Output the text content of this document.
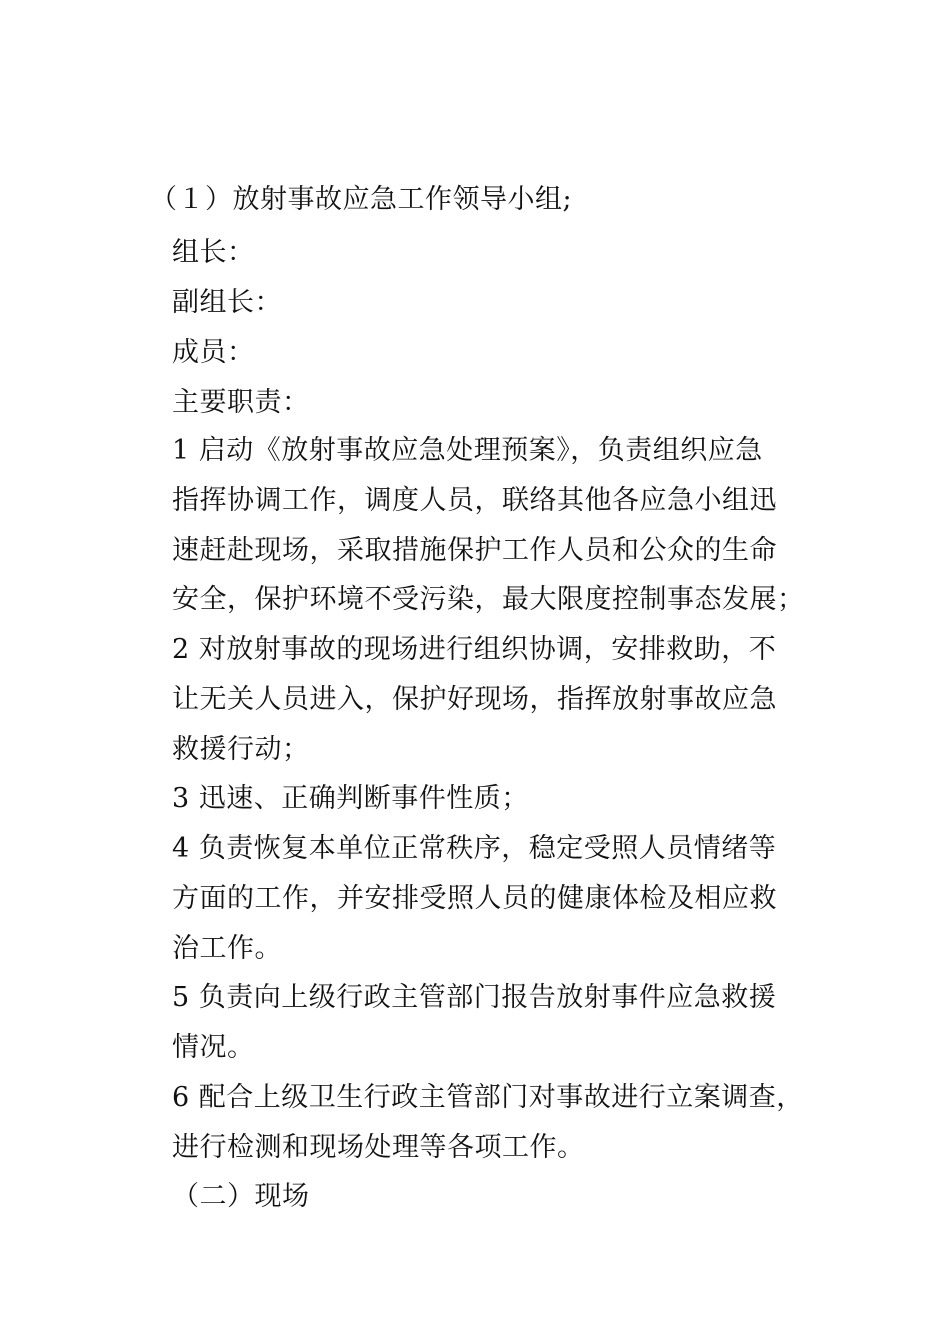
（１）放射事故应急工作领导小组;
组长：
副组长：
成员：
主要职责：
1 启动《放射事故应急处理预案》，负责组织应急
指挥协调工作，调度人员，联络其他各应急小组迅
速赶赴现场，采取措施保护工作人员和公众的生命
安全，保护环境不受污染，最大限度控制事态发展；
2 对放射事故的现场进行组织协调，安排救助，不
让无关人员进入，保护好现场，指挥放射事故应急
救援行动；
3 迅速、正确判断事件性质；
4 负责恢复本单位正常秩序，稳定受照人员情绪等
方面的工作，并安排受照人员的健康体检及相应救
治工作。
5 负责向上级行政主管部门报告放射事件应急救援
情况。
6 配合上级卫生行政主管部门对事故进行立案调查，
进行检测和现场处理等各项工作。
（二）现场
